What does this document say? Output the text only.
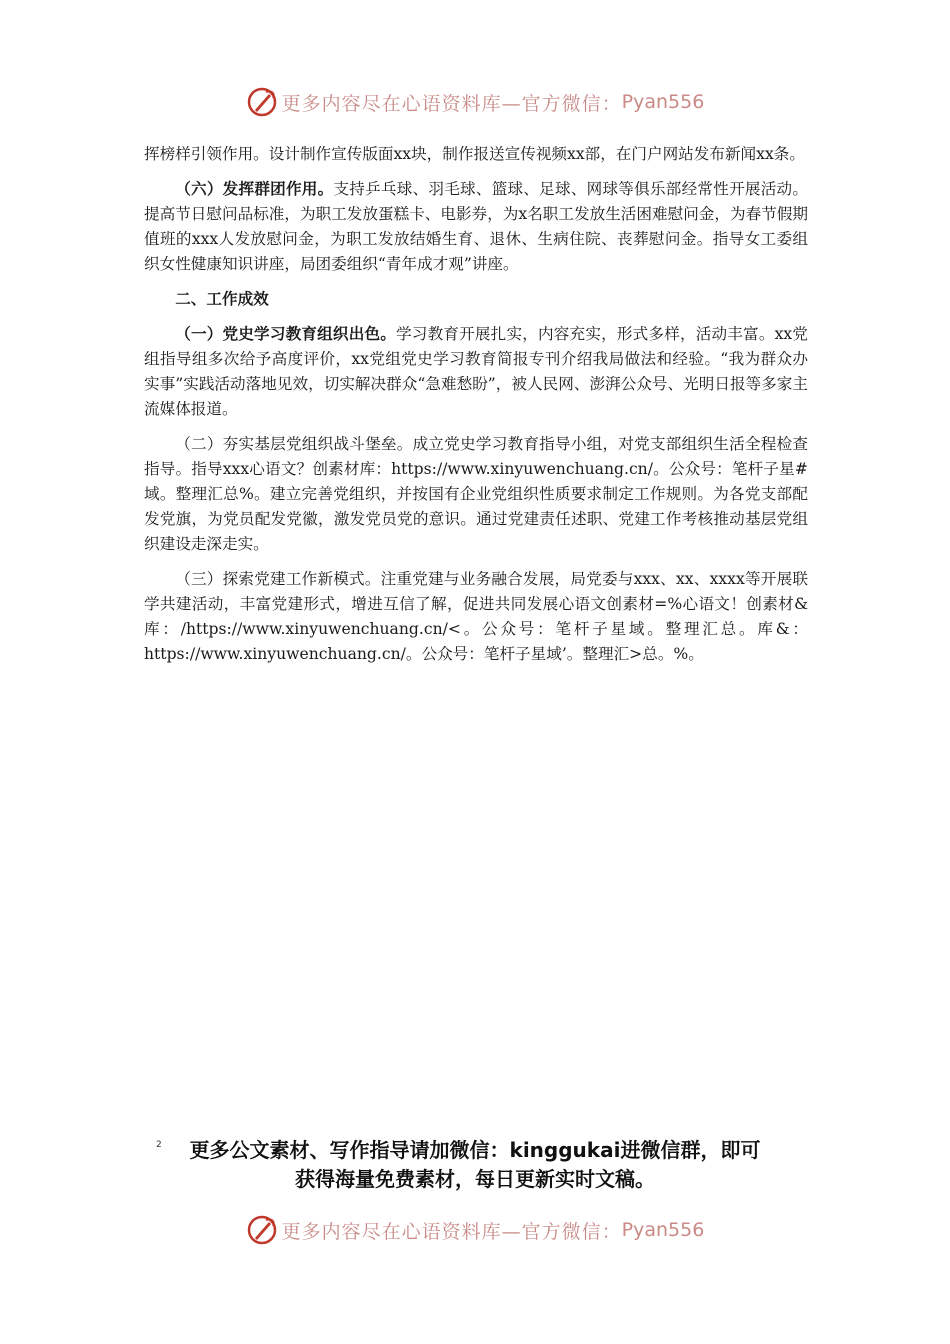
更多内容尽在心语资料库—官方微信： Pyan556

挥榜样引领作用。设计制作宣传版面xx块，制作报送宣传视频xx部，在门户网站发布新闻xx条。

（六）发挥群团作用。支持乒乓球、羽毛球、篮球、足球、网球等俱乐部经常性开展活动。提高节日慰问品标准，为职工发放蛋糕卡、电影券，为x名职工发放生活困难慰问金，为春节假期值班的xxx人发放慰问金，为职工发放结婚生育、退休、生病住院、丧葬慰问金。指导女工委组织女性健康知识讲座，局团委组织“青年成才观”讲座。

二、工作成效

（一）党史学习教育组织出色。学习教育开展扎实，内容充实，形式多样，活动丰富。xx党组指导组多次给予高度评价，xx党组党史学习教育简报专刊介绍我局做法和经验。“我为群众办实事”实践活动落地见效，切实解决群众“急难愁盼”，被人民网、澎湃公众号、光明日报等多家主流媒体报道。

（二）夯实基层党组织战斗堡垒。成立党史学习教育指导小组，对党支部组织生活全程检查指导。指导xxx心语文？创素材库：https://www.xinyuwenchuang.cn/。公众号：笔杆子星#域。整理汇总%。建立完善党组织，并按国有企业党组织性质要求制定工作规则。为各党支部配发党旗，为党员配发党徽，激发党员党的意识。通过党建责任述职、党建工作考核推动基层党组织建设走深走实。

（三）探索党建工作新模式。注重党建与业务融合发展，局党委与xxx、xx、xxxx等开展联学共建活动，丰富党建形式，增进互信了解，促进共同发展心语文创素材=%心语文！创素材&库：/https://www.xinyuwenchuang.cn/<。公众号：笔杆子星域。整理汇总。库&：https://www.xinyuwenchuang.cn/。公众号：笔杆子星域’。整理汇>总。%。

2	更多公文素材、写作指导请加微信：kinggukai进微信群，即可
获得海量免费素材，每日更新实时文稿。
更多内容尽在心语资料库—官方微信： Pyan556
